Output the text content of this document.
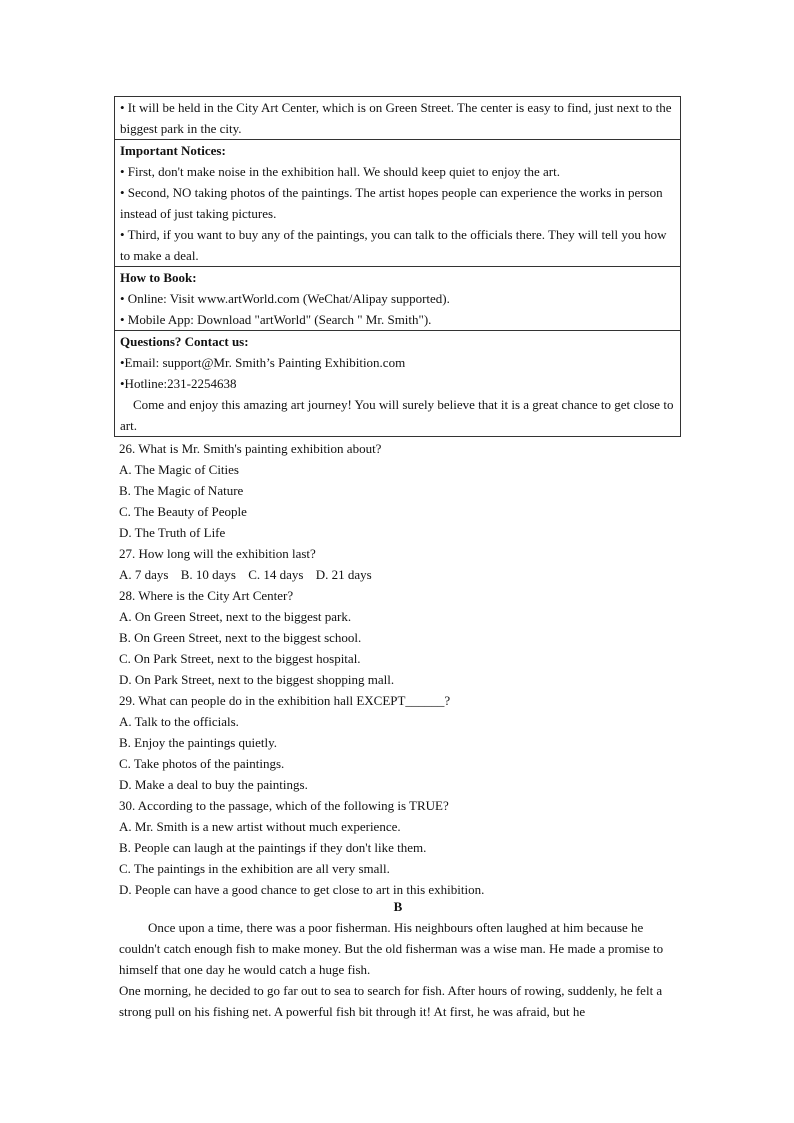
• It will be held in the City Art Center, which is on Green Street. The center is easy to find, just next to the biggest park in the city.

Important Notices:

• First, don't make noise in the exhibition hall. We should keep quiet to enjoy the art.

• Second, NO taking photos of the paintings. The artist hopes people can experience the works in person instead of just taking pictures.

• Third, if you want to buy any of the paintings, you can talk to the officials there. They will tell you how to make a deal.

How to Book:

• Online: Visit www.artWorld.com (WeChat/Alipay supported).

• Mobile App: Download "artWorld" (Search " Mr. Smith").

Questions? Contact us:

•Email: support@Mr. Smith’s Painting Exhibition.com

•Hotline:231-2254638

Come and enjoy this amazing art journey! You will surely believe that it is a great chance to get close to art.

26. What is Mr. Smith's painting exhibition about?

A. The Magic of Cities

B. The Magic of Nature

C. The Beauty of People

D. The Truth of Life

27. How long will the exhibition last?

A. 7 days B. 10 days C. 14 days D. 21 days

28. Where is the City Art Center?

A. On Green Street, next to the biggest park.

B. On Green Street, next to the biggest school.

C. On Park Street, next to the biggest hospital.

D. On Park Street, next to the biggest shopping mall.

29. What can people do in the exhibition hall EXCEPT______?

A. Talk to the officials.

B. Enjoy the paintings quietly.

C. Take photos of the paintings.

D. Make a deal to buy the paintings.

30. According to the passage, which of the following is TRUE?

A. Mr. Smith is a new artist without much experience.

B. People can laugh at the paintings if they don't like them.

C. The paintings in the exhibition are all very small.

D. People can have a good chance to get close to art in this exhibition.

B

Once upon a time, there was a poor fisherman. His neighbours often laughed at him because he couldn't catch enough fish to make money. But the old fisherman was a wise man. He made a promise to himself that one day he would catch a huge fish.

One morning, he decided to go far out to sea to search for fish. After hours of rowing, suddenly, he felt a strong pull on his fishing net. A powerful fish bit through it! At first, he was afraid, but he
